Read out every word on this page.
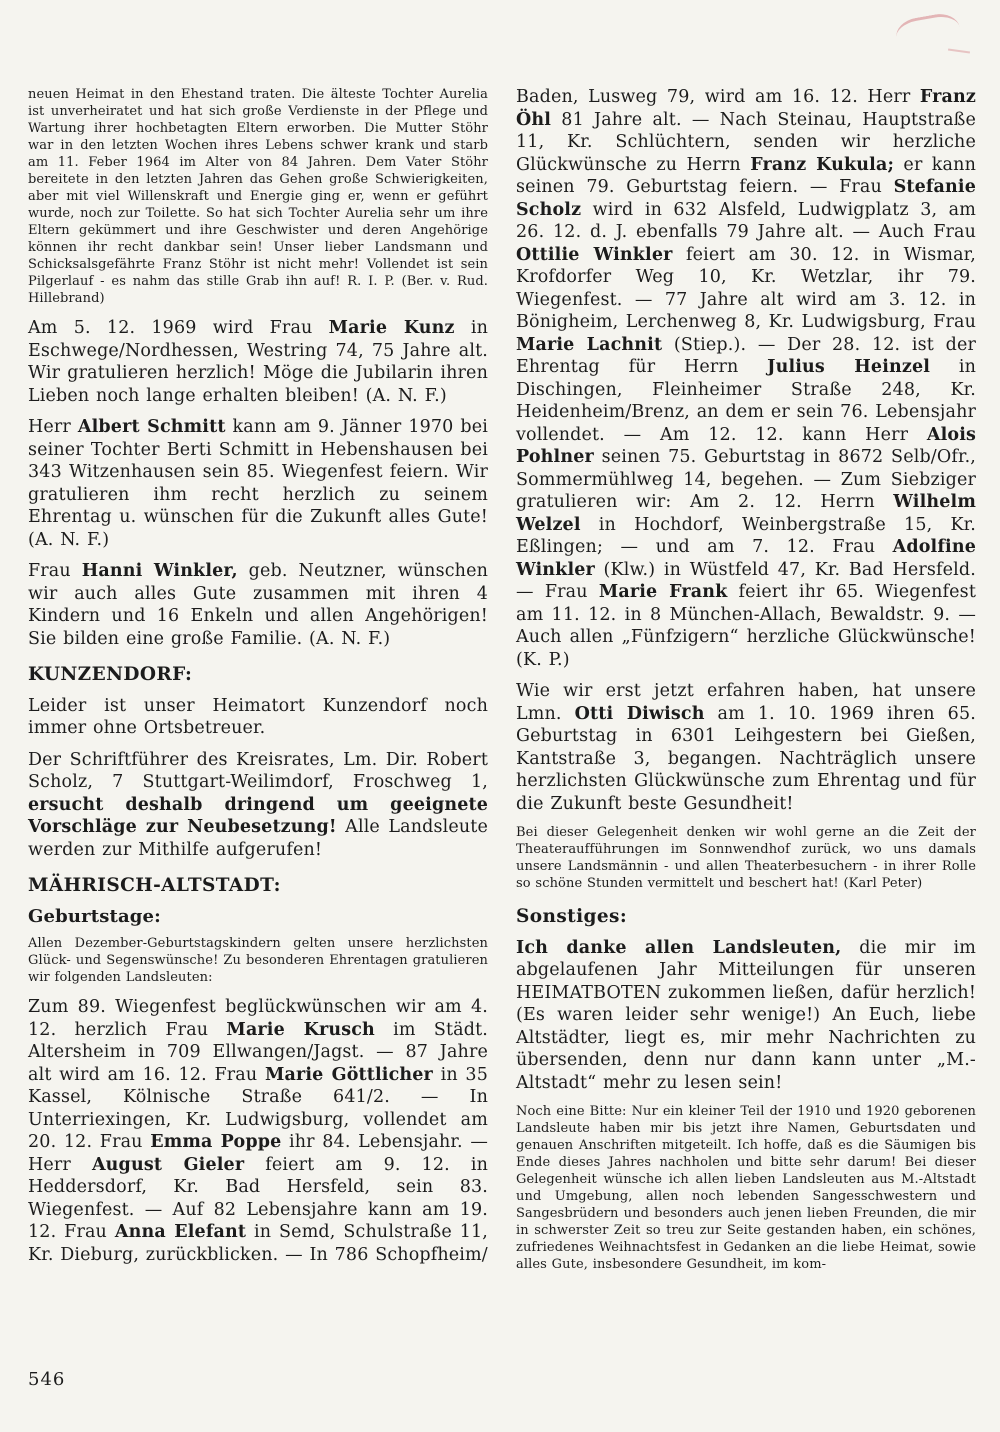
neuen Heimat in den Ehestand traten. Die älteste Tochter Aurelia ist unverheiratet und hat sich große Verdienste in der Pflege und Wartung ihrer hochbetagten Eltern erworben. Die Mutter Stöhr war in den letzten Wochen ihres Lebens schwer krank und starb am 11. Feber 1964 im Alter von 84 Jahren. Dem Vater Stöhr bereitete in den letzten Jahren das Gehen große Schwierigkeiten, aber mit viel Willenskraft und Energie ging er, wenn er geführt wurde, noch zur Toilette. So hat sich Tochter Aurelia sehr um ihre Eltern gekümmert und ihre Geschwister und deren Angehörige können ihr recht dankbar sein! Unser lieber Landsmann und Schicksalsgefährte Franz Stöhr ist nicht mehr! Vollendet ist sein Pilgerlauf - es nahm das stille Grab ihn auf! R. I. P. (Ber. v. Rud. Hillebrand)

Am 5. 12. 1969 wird Frau Marie Kunz in Eschwege/Nordhessen, Westring 74, 75 Jahre alt. Wir gratulieren herzlich! Möge die Jubilarin ihren Lieben noch lange erhalten bleiben! (A. N. F.)

Herr Albert Schmitt kann am 9. Jänner 1970 bei seiner Tochter Berti Schmitt in Hebenshausen bei 343 Witzenhausen sein 85. Wiegenfest feiern. Wir gratulieren ihm recht herzlich zu seinem Ehrentag u. wünschen für die Zukunft alles Gute! (A. N. F.)

Frau Hanni Winkler, geb. Neutzner, wünschen wir auch alles Gute zusammen mit ihren 4 Kindern und 16 Enkeln und allen Angehörigen! Sie bilden eine große Familie. (A. N. F.)

KUNZENDORF:

Leider ist unser Heimatort Kunzendorf noch immer ohne Ortsbetreuer.

Der Schriftführer des Kreisrates, Lm. Dir. Robert Scholz, 7 Stuttgart-Weilimdorf, Froschweg 1, ersucht deshalb dringend um geeignete Vorschläge zur Neubesetzung! Alle Landsleute werden zur Mithilfe aufgerufen!

MÄHRISCH-ALTSTADT:

Geburtstage:

Allen Dezember-Geburtstagskindern gelten unsere herzlichsten Glück- und Segenswünsche! Zu besonderen Ehrentagen gratulieren wir folgenden Landsleuten:

Zum 89. Wiegenfest beglückwünschen wir am 4. 12. herzlich Frau Marie Krusch im Städt. Altersheim in 709 Ellwangen/Jagst. — 87 Jahre alt wird am 16. 12. Frau Marie Göttlicher in 35 Kassel, Kölnische Straße 641/2. — In Unterriexingen, Kr. Ludwigsburg, vollendet am 20. 12. Frau Emma Poppe ihr 84. Lebensjahr. — Herr August Gieler feiert am 9. 12. in Heddersdorf, Kr. Bad Hersfeld, sein 83. Wiegenfest. — Auf 82 Lebensjahre kann am 19. 12. Frau Anna Elefant in Semd, Schulstraße 11, Kr. Dieburg, zurückblicken. — In 786 Schopfheim/

Baden, Lusweg 79, wird am 16. 12. Herr Franz Öhl 81 Jahre alt. — Nach Steinau, Hauptstraße 11, Kr. Schlüchtern, senden wir herzliche Glückwünsche zu Herrn Franz Kukula; er kann seinen 79. Geburtstag feiern. — Frau Stefanie Scholz wird in 632 Alsfeld, Ludwigplatz 3, am 26. 12. d. J. ebenfalls 79 Jahre alt. — Auch Frau Ottilie Winkler feiert am 30. 12. in Wismar, Krofdorfer Weg 10, Kr. Wetzlar, ihr 79. Wiegenfest. — 77 Jahre alt wird am 3. 12. in Bönigheim, Lerchenweg 8, Kr. Ludwigsburg, Frau Marie Lachnit (Stiep.). — Der 28. 12. ist der Ehrentag für Herrn Julius Heinzel in Dischingen, Fleinheimer Straße 248, Kr. Heidenheim/Brenz, an dem er sein 76. Lebensjahr vollendet. — Am 12. 12. kann Herr Alois Pohlner seinen 75. Geburtstag in 8672 Selb/Ofr., Sommermühlweg 14, begehen. — Zum Siebziger gratulieren wir: Am 2. 12. Herrn Wilhelm Welzel in Hochdorf, Weinbergstraße 15, Kr. Eßlingen; — und am 7. 12. Frau Adolfine Winkler (Klw.) in Wüstfeld 47, Kr. Bad Hersfeld. — Frau Marie Frank feiert ihr 65. Wiegenfest am 11. 12. in 8 München-Allach, Bewaldstr. 9. — Auch allen „Fünfzigern“ herzliche Glückwünsche! (K. P.)

Wie wir erst jetzt erfahren haben, hat unsere Lmn. Otti Diwisch am 1. 10. 1969 ihren 65. Geburtstag in 6301 Leihgestern bei Gießen, Kantstraße 3, begangen. Nachträglich unsere herzlichsten Glückwünsche zum Ehrentag und für die Zukunft beste Gesundheit!

Bei dieser Gelegenheit denken wir wohl gerne an die Zeit der Theateraufführungen im Sonnwendhof zurück, wo uns damals unsere Landsmännin - und allen Theaterbesuchern - in ihrer Rolle so schöne Stunden vermittelt und beschert hat! (Karl Peter)

Sonstiges:

Ich danke allen Landsleuten, die mir im abgelaufenen Jahr Mitteilungen für unseren HEIMATBOTEN zukommen ließen, dafür herzlich! (Es waren leider sehr wenige!) An Euch, liebe Altstädter, liegt es, mir mehr Nachrichten zu übersenden, denn nur dann kann unter „M.-Altstadt“ mehr zu lesen sein!

Noch eine Bitte: Nur ein kleiner Teil der 1910 und 1920 geborenen Landsleute haben mir bis jetzt ihre Namen, Geburtsdaten und genauen Anschriften mitgeteilt. Ich hoffe, daß es die Säumigen bis Ende dieses Jahres nachholen und bitte sehr darum! Bei dieser Gelegenheit wünsche ich allen lieben Landsleuten aus M.-Altstadt und Umgebung, allen noch lebenden Sangesschwestern und Sangesbrüdern und besonders auch jenen lieben Freunden, die mir in schwerster Zeit so treu zur Seite gestanden haben, ein schönes, zufriedenes Weihnachtsfest in Gedanken an die liebe Heimat, sowie alles Gute, insbesondere Gesundheit, im kom-

546
